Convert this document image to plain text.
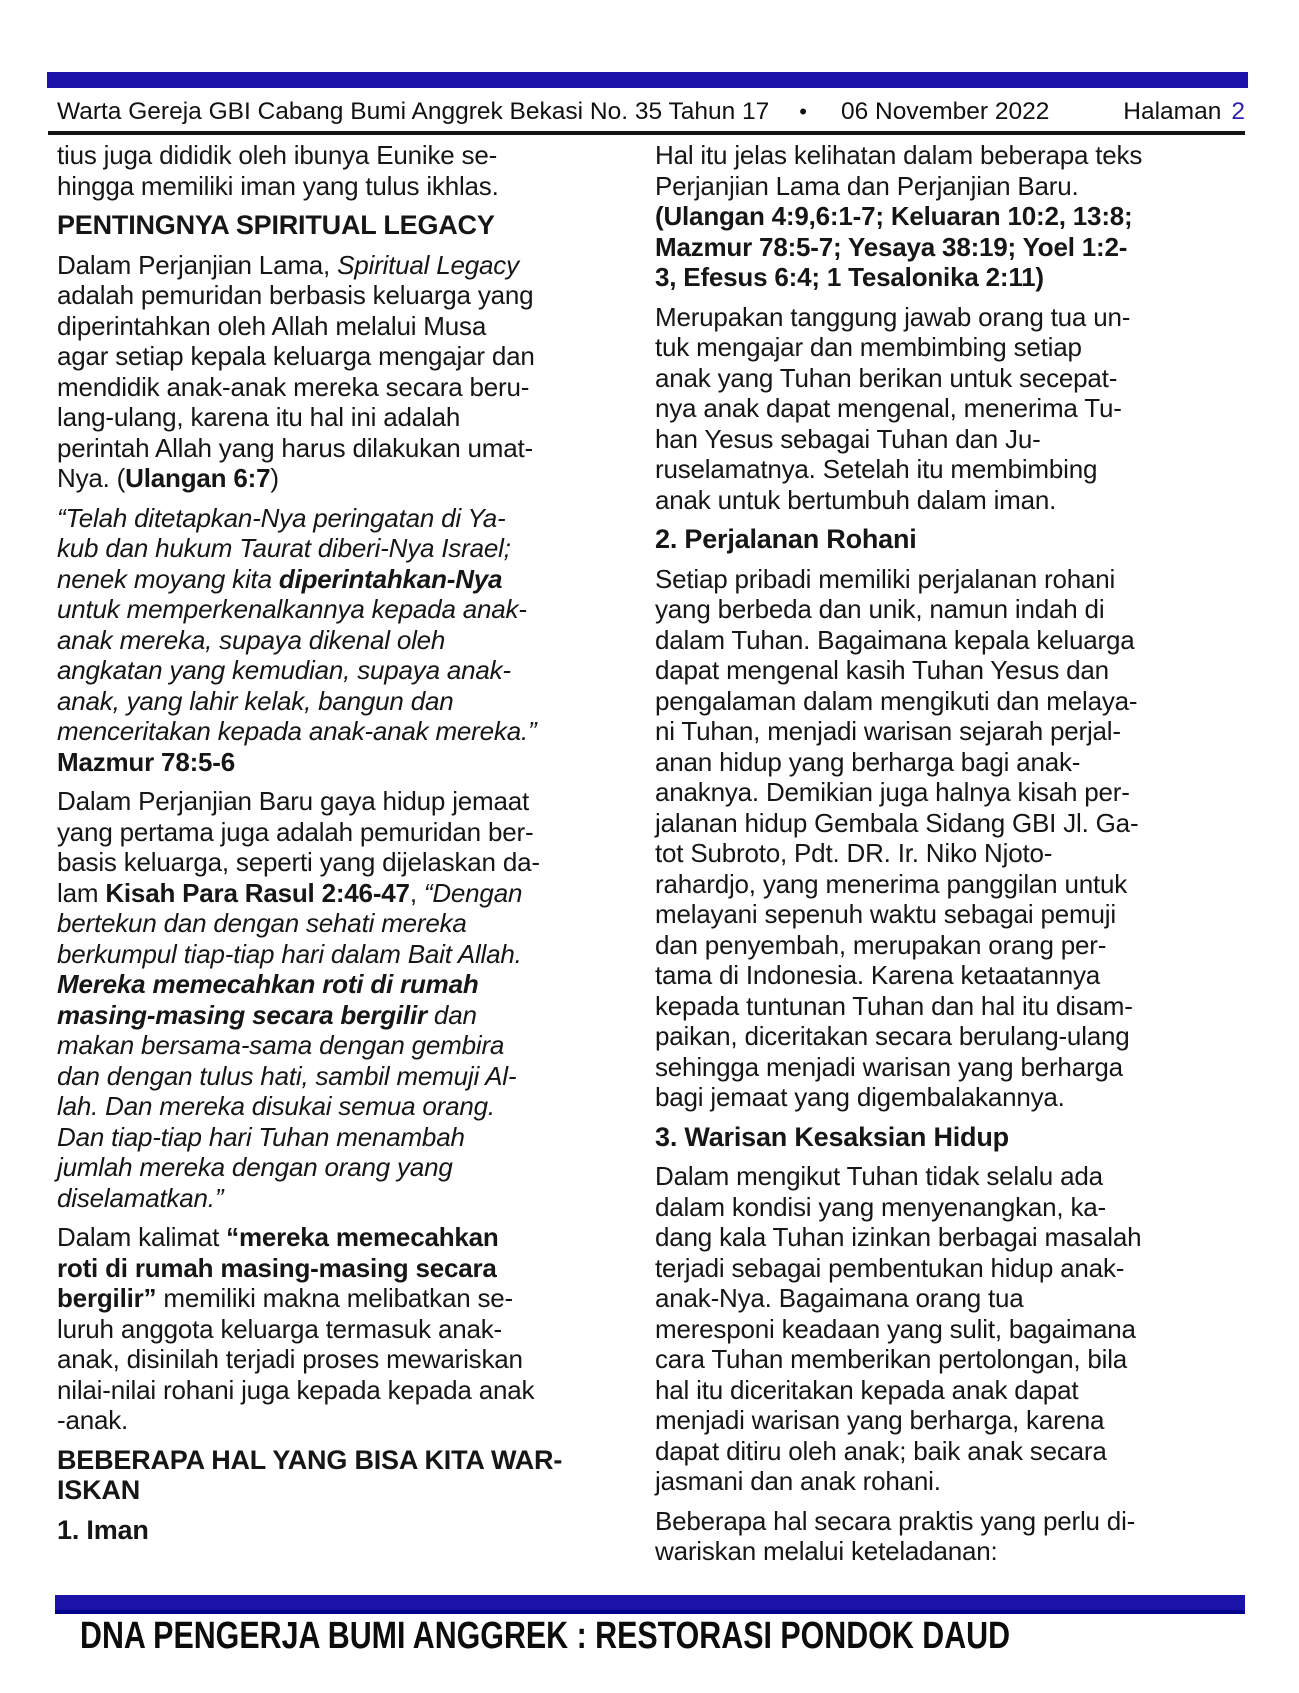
Warta Gereja GBI Cabang Bumi Anggrek Bekasi No. 35 Tahun 17 • 06 November 2022	Halaman 2

tius juga dididik oleh ibunya Eunike se-
hingga memiliki iman yang tulus ikhlas.

PENTINGNYA SPIRITUAL LEGACY

Dalam Perjanjian Lama, Spiritual Legacy
adalah pemuridan berbasis keluarga yang
diperintahkan oleh Allah melalui Musa
agar setiap kepala keluarga mengajar dan
mendidik anak-anak mereka secara beru-
lang-ulang, karena itu hal ini adalah
perintah Allah yang harus dilakukan umat-
Nya. (Ulangan 6:7)

“Telah ditetapkan-Nya peringatan di Ya-
kub dan hukum Taurat diberi-Nya Israel;
nenek moyang kita diperintahkan-Nya
untuk memperkenalkannya kepada anak-
anak mereka, supaya dikenal oleh
angkatan yang kemudian, supaya anak-
anak, yang lahir kelak, bangun dan
menceritakan kepada anak-anak mereka.”
Mazmur 78:5-6

Dalam Perjanjian Baru gaya hidup jemaat
yang pertama juga adalah pemuridan ber-
basis keluarga, seperti yang dijelaskan da-
lam Kisah Para Rasul 2:46-47, “Dengan
bertekun dan dengan sehati mereka
berkumpul tiap-tiap hari dalam Bait Allah.
Mereka memecahkan roti di rumah
masing-masing secara bergilir dan
makan bersama-sama dengan gembira
dan dengan tulus hati, sambil memuji Al-
lah. Dan mereka disukai semua orang.
Dan tiap-tiap hari Tuhan menambah
jumlah mereka dengan orang yang
diselamatkan.”

Dalam kalimat “mereka memecahkan
roti di rumah masing-masing secara
bergilir” memiliki makna melibatkan se-
luruh anggota keluarga termasuk anak-
anak, disinilah terjadi proses mewariskan
nilai-nilai rohani juga kepada kepada anak
-anak.

BEBERAPA HAL YANG BISA KITA WAR-
ISKAN

1. Iman

Hal itu jelas kelihatan dalam beberapa teks
Perjanjian Lama dan Perjanjian Baru.
(Ulangan 4:9,6:1-7; Keluaran 10:2, 13:8;
Mazmur 78:5-7; Yesaya 38:19; Yoel 1:2-
3, Efesus 6:4; 1 Tesalonika 2:11)

Merupakan tanggung jawab orang tua un-
tuk mengajar dan membimbing setiap
anak yang Tuhan berikan untuk secepat-
nya anak dapat mengenal, menerima Tu-
han Yesus sebagai Tuhan dan Ju-
ruselamatnya. Setelah itu membimbing
anak untuk bertumbuh dalam iman.

2. Perjalanan Rohani

Setiap pribadi memiliki perjalanan rohani
yang berbeda dan unik, namun indah di
dalam Tuhan. Bagaimana kepala keluarga
dapat mengenal kasih Tuhan Yesus dan
pengalaman dalam mengikuti dan melaya-
ni Tuhan, menjadi warisan sejarah perjal-
anan hidup yang berharga bagi anak-
anaknya. Demikian juga halnya kisah per-
jalanan hidup Gembala Sidang GBI Jl. Ga-
tot Subroto, Pdt. DR. Ir. Niko Njoto-
rahardjo, yang menerima panggilan untuk
melayani sepenuh waktu sebagai pemuji
dan penyembah, merupakan orang per-
tama di Indonesia. Karena ketaatannya
kepada tuntunan Tuhan dan hal itu disam-
paikan, diceritakan secara berulang-ulang
sehingga menjadi warisan yang berharga
bagi jemaat yang digembalakannya.

3. Warisan Kesaksian Hidup

Dalam mengikut Tuhan tidak selalu ada
dalam kondisi yang menyenangkan, ka-
dang kala Tuhan izinkan berbagai masalah
terjadi sebagai pembentukan hidup anak-
anak-Nya. Bagaimana orang tua
meresponi keadaan yang sulit, bagaimana
cara Tuhan memberikan pertolongan, bila
hal itu diceritakan kepada anak dapat
menjadi warisan yang berharga, karena
dapat ditiru oleh anak; baik anak secara
jasmani dan anak rohani.

Beberapa hal secara praktis yang perlu di-
wariskan melalui keteladanan:

DNA PENGERJA BUMI ANGGREK : RESTORASI PONDOK DAUD
